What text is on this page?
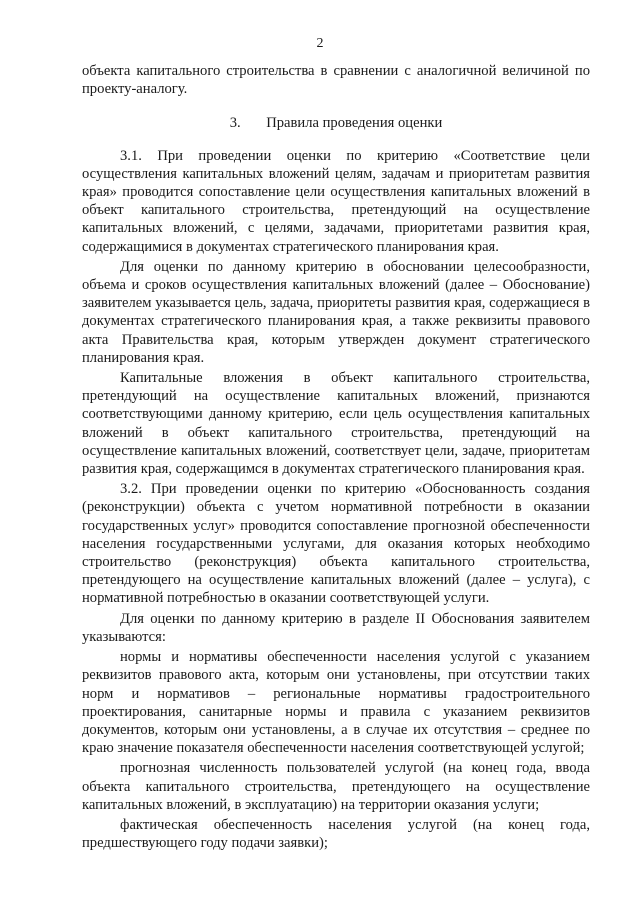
2

объекта капитального строительства в сравнении с аналогичной величиной по проекту-аналогу.

3.       Правила проведения оценки

3.1. При проведении оценки по критерию «Соответствие цели осуществления капитальных вложений целям, задачам и приоритетам развития края» проводится сопоставление цели осуществления капитальных вложений в объект капитального строительства, претендующий на осуществление капитальных вложений, с целями, задачами, приоритетами развития края, содержащимися в документах стратегического планирования края.

Для оценки по данному критерию в обосновании целесообразности, объема и сроков осуществления капитальных вложений (далее – Обоснование) заявителем указывается цель, задача, приоритеты развития края, содержащиеся в документах стратегического планирования края, а также реквизиты правового акта Правительства края, которым утвержден документ стратегического планирования края.

Капитальные вложения в объект капитального строительства, претендующий на осуществление капитальных вложений, признаются соответствующими данному критерию, если цель осуществления капитальных вложений в объект капитального строительства, претендующий на осуществление капитальных вложений, соответствует цели, задаче, приоритетам развития края, содержащимся в документах стратегического планирования края.

3.2. При проведении оценки по критерию «Обоснованность создания (реконструкции) объекта с учетом нормативной потребности в оказании государственных услуг» проводится сопоставление прогнозной обеспеченности населения государственными услугами, для оказания которых необходимо строительство (реконструкция) объекта капитального строительства, претендующего на осуществление капитальных вложений (далее – услуга), с нормативной потребностью в оказании соответствующей услуги.

Для оценки по данному критерию в разделе II Обоснования заявителем указываются:

нормы и нормативы обеспеченности населения услугой с указанием реквизитов правового акта, которым они установлены, при отсутствии таких норм и нормативов – региональные нормативы градостроительного проектирования, санитарные нормы и правила с указанием реквизитов документов, которым они установлены, а в случае их отсутствия – среднее по краю значение показателя обеспеченности населения соответствующей услугой;

прогнозная численность пользователей услугой (на конец года, ввода объекта капитального строительства, претендующего на осуществление капитальных вложений, в эксплуатацию) на территории оказания услуги;

фактическая обеспеченность населения услугой (на конец года, предшествующего году подачи заявки);
